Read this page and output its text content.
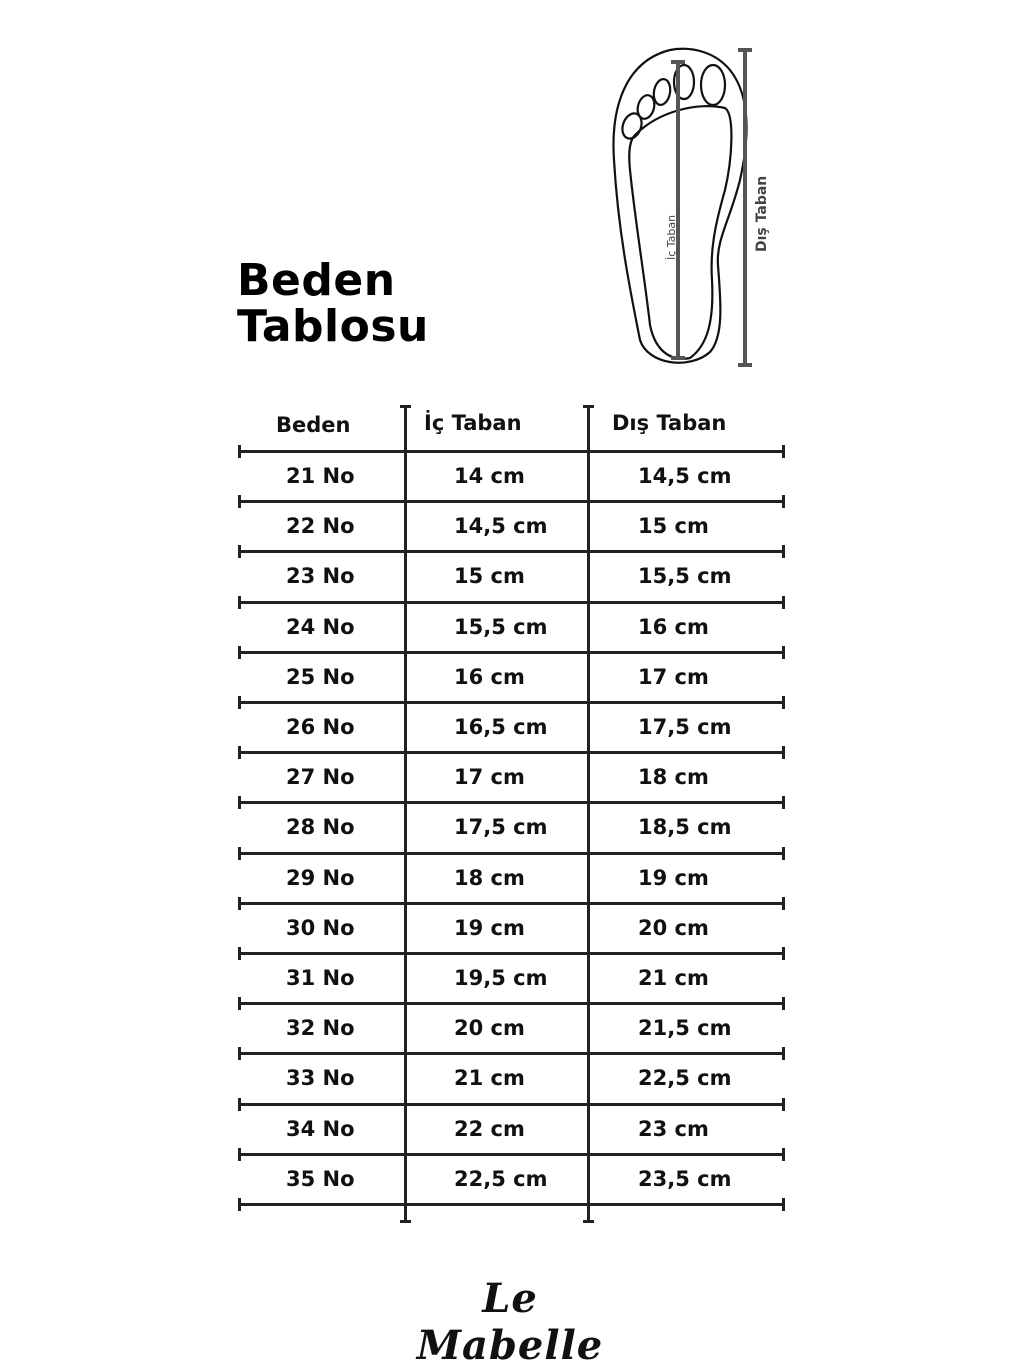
Beden
Tablosu
İç Taban	Dış Taban
Beden	İç Taban	Dış Taban
21 No	14 cm	14,5 cm
22 No	14,5 cm	15 cm
23 No	15 cm	15,5 cm
24 No	15,5 cm	16 cm
25 No	16 cm	17 cm
26 No	16,5 cm	17,5 cm
27 No	17 cm	18 cm
28 No	17,5 cm	18,5 cm
29 No	18 cm	19 cm
30 No	19 cm	20 cm
31 No	19,5 cm	21 cm
32 No	20 cm	21,5 cm
33 No	21 cm	22,5 cm
34 No	22 cm	23 cm
35 No	22,5 cm	23,5 cm
Le Mabelle
